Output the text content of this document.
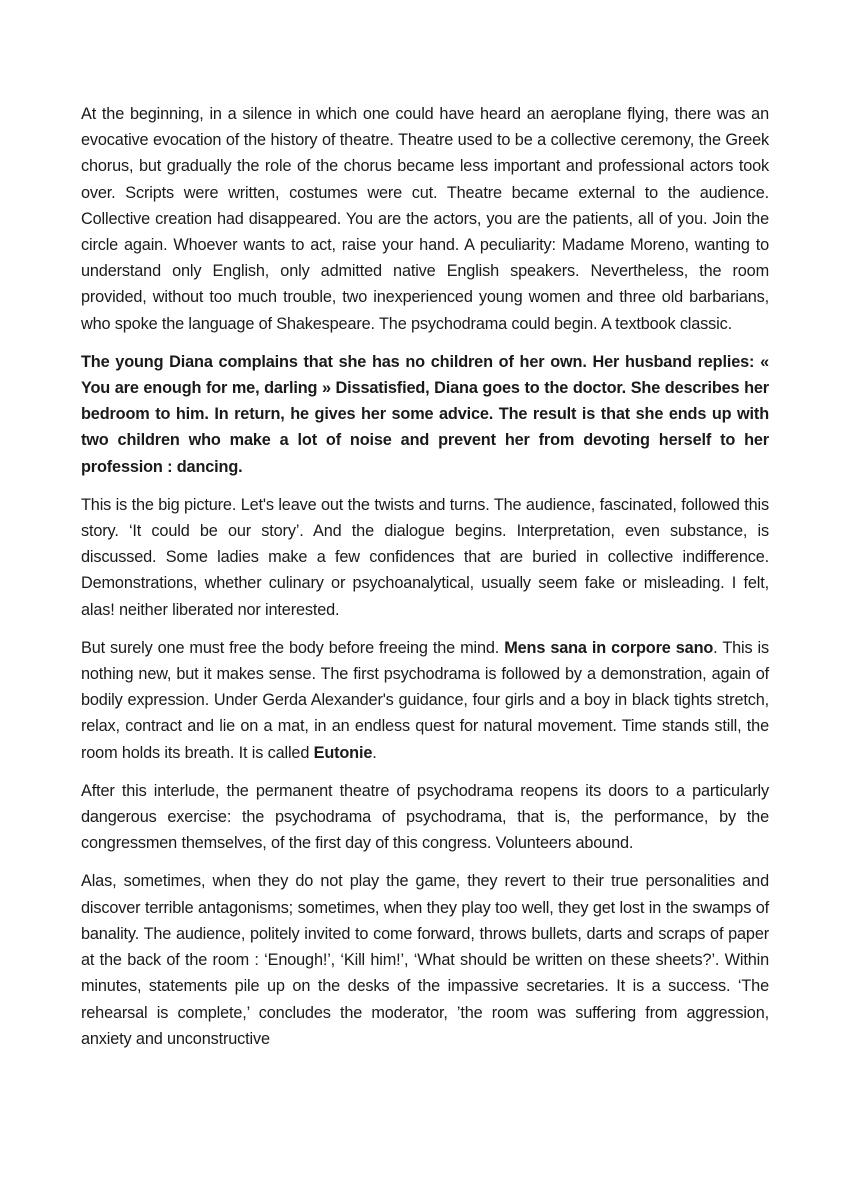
At the beginning, in a silence in which one could have heard an aeroplane flying, there was an evocative evocation of the history of theatre. Theatre used to be a collective ceremony, the Greek chorus, but gradually the role of the chorus became less important and professional actors took over. Scripts were written, costumes were cut. Theatre became external to the audience. Collective creation had disappeared. You are the actors, you are the patients, all of you. Join the circle again. Whoever wants to act, raise your hand. A peculiarity: Madame Moreno, wanting to understand only English, only admitted native English speakers. Nevertheless, the room provided, without too much trouble, two inexperienced young women and three old barbarians, who spoke the language of Shakespeare. The psychodrama could begin. A textbook classic.

The young Diana complains that she has no children of her own. Her husband replies: « You are enough for me, darling » Dissatisfied, Diana goes to the doctor. She describes her bedroom to him. In return, he gives her some advice. The result is that she ends up with two children who make a lot of noise and prevent her from devoting herself to her profession : dancing.

This is the big picture. Let's leave out the twists and turns. The audience, fascinated, followed this story. ‘It could be our story’. And the dialogue begins. Interpretation, even substance, is discussed. Some ladies make a few confidences that are buried in collective indifference. Demonstrations, whether culinary or psychoanalytical, usually seem fake or misleading. I felt, alas! neither liberated nor interested.

But surely one must free the body before freeing the mind. Mens sana in corpore sano. This is nothing new, but it makes sense. The first psychodrama is followed by a demonstration, again of bodily expression. Under Gerda Alexander's guidance, four girls and a boy in black tights stretch, relax, contract and lie on a mat, in an endless quest for natural movement. Time stands still, the room holds its breath. It is called Eutonie.

After this interlude, the permanent theatre of psychodrama reopens its doors to a particularly dangerous exercise: the psychodrama of psychodrama, that is, the performance, by the congressmen themselves, of the first day of this congress. Volunteers abound.

Alas, sometimes, when they do not play the game, they revert to their true personalities and discover terrible antagonisms; sometimes, when they play too well, they get lost in the swamps of banality. The audience, politely invited to come forward, throws bullets, darts and scraps of paper at the back of the room : ‘Enough!’, ‘Kill him!’, ‘What should be written on these sheets?’. Within minutes, statements pile up on the desks of the impassive secretaries. It is a success. ‘The rehearsal is complete,’ concludes the moderator, ’the room was suffering from aggression, anxiety and unconstructive
